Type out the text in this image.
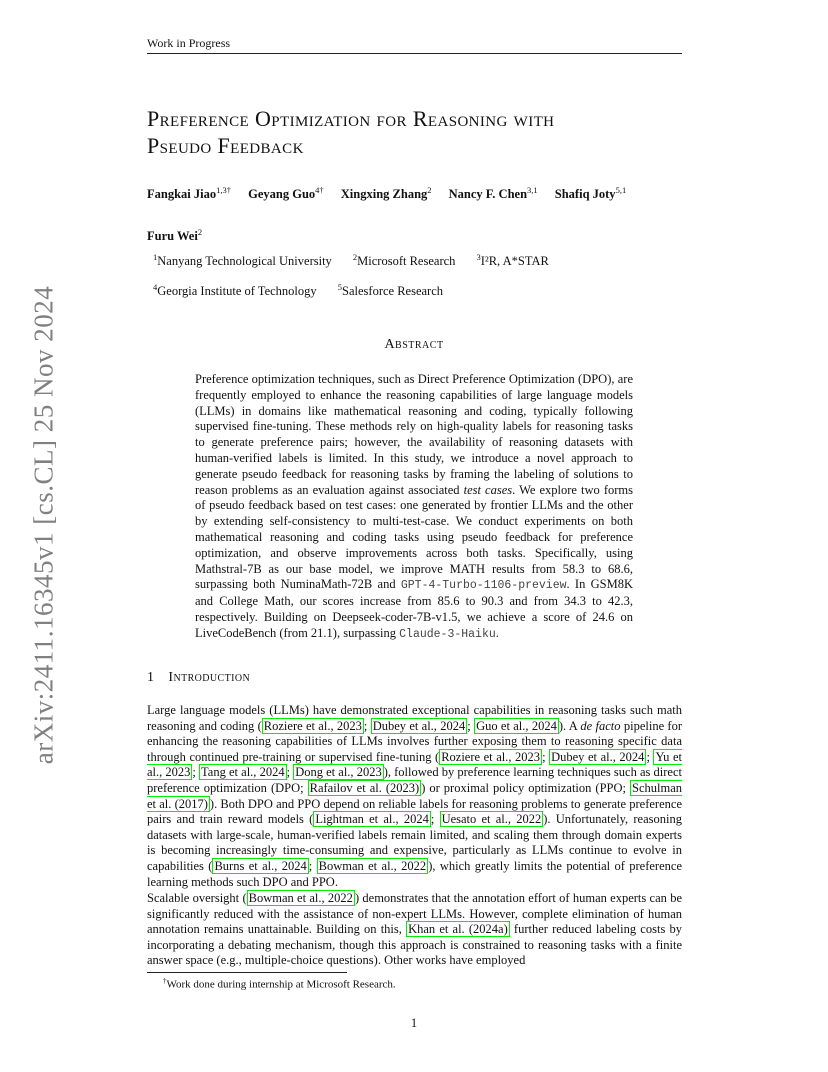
arXiv:2411.16345v1 [cs.CL] 25 Nov 2024
Work in Progress
Preference Optimization for Reasoning with
Pseudo Feedback
Fangkai Jiao$^{1,3\dagger}$ Geyang Guo$^{4\dagger}$ Xingxing Zhang$^2$ Nancy F. Chen$^{3,1}$ Shafiq Joty$^{5,1}$
Furu Wei$^2$
$^1$Nanyang Technological University $^2$Microsoft Research $^3$I²R, A*STAR
$^4$Georgia Institute of Technology $^5$Salesforce Research
Abstract
Preference optimization techniques, such as Direct Preference Optimization (DPO), are frequently employed to enhance the reasoning capabilities of large language models (LLMs) in domains like mathematical reasoning and coding, typically following supervised fine-tuning. These methods rely on high-quality labels for reasoning tasks to generate preference pairs; however, the availability of reasoning datasets with human-verified labels is limited. In this study, we introduce a novel approach to generate pseudo feedback for reasoning tasks by framing the labeling of solutions to reason problems as an evaluation against associated test cases. We explore two forms of pseudo feedback based on test cases: one generated by frontier LLMs and the other by extending self-consistency to multi-test-case. We conduct experiments on both mathematical reasoning and coding tasks using pseudo feedback for preference optimization, and observe improvements across both tasks. Specifically, using Mathstral-7B as our base model, we improve MATH results from 58.3 to 68.6, surpassing both NuminaMath-72B and GPT-4-Turbo-1106-preview. In GSM8K and College Math, our scores increase from 85.6 to 90.3 and from 34.3 to 42.3, respectively. Building on Deepseek-coder-7B-v1.5, we achieve a score of 24.6 on LiveCodeBench (from 21.1), surpassing Claude-3-Haiku.
1 Introduction
Large language models (LLMs) have demonstrated exceptional capabilities in reasoning tasks such math reasoning and coding ( Roziere et al., 2023 ; Dubey et al., 2024 ; Guo et al., 2024 ). A de facto pipeline for enhancing the reasoning capabilities of LLMs involves further exposing them to reasoning specific data through continued pre-training or supervised fine-tuning ( Roziere et al., 2023 ; Dubey et al., 2024 ; Yu et al., 2023 ; Tang et al., 2024 ; Dong et al., 2023 ), followed by preference learning techniques such as direct preference optimization (DPO; Rafailov et al. (2023) ) or proximal policy optimization (PPO; Schulman et al. (2017) ). Both DPO and PPO depend on reliable labels for reasoning problems to generate preference pairs and train reward models ( Lightman et al., 2024 ; Uesato et al., 2022 ). Unfortunately, reasoning datasets with large-scale, human-verified labels remain limited, and scaling them through domain experts is becoming increasingly time-consuming and expensive, particularly as LLMs continue to evolve in capabilities ( Burns et al., 2024 ; Bowman et al., 2022 ), which greatly limits the potential of preference learning methods such DPO and PPO.
Scalable oversight ( Bowman et al., 2022 ) demonstrates that the annotation effort of human experts can be significantly reduced with the assistance of non-expert LLMs. However, complete elimination of human annotation remains unattainable. Building on this, Khan et al. (2024a) further reduced labeling costs by incorporating a debating mechanism, though this approach is constrained to reasoning tasks with a finite answer space (e.g., multiple-choice questions). Other works have employed
†Work done during internship at Microsoft Research.
1
